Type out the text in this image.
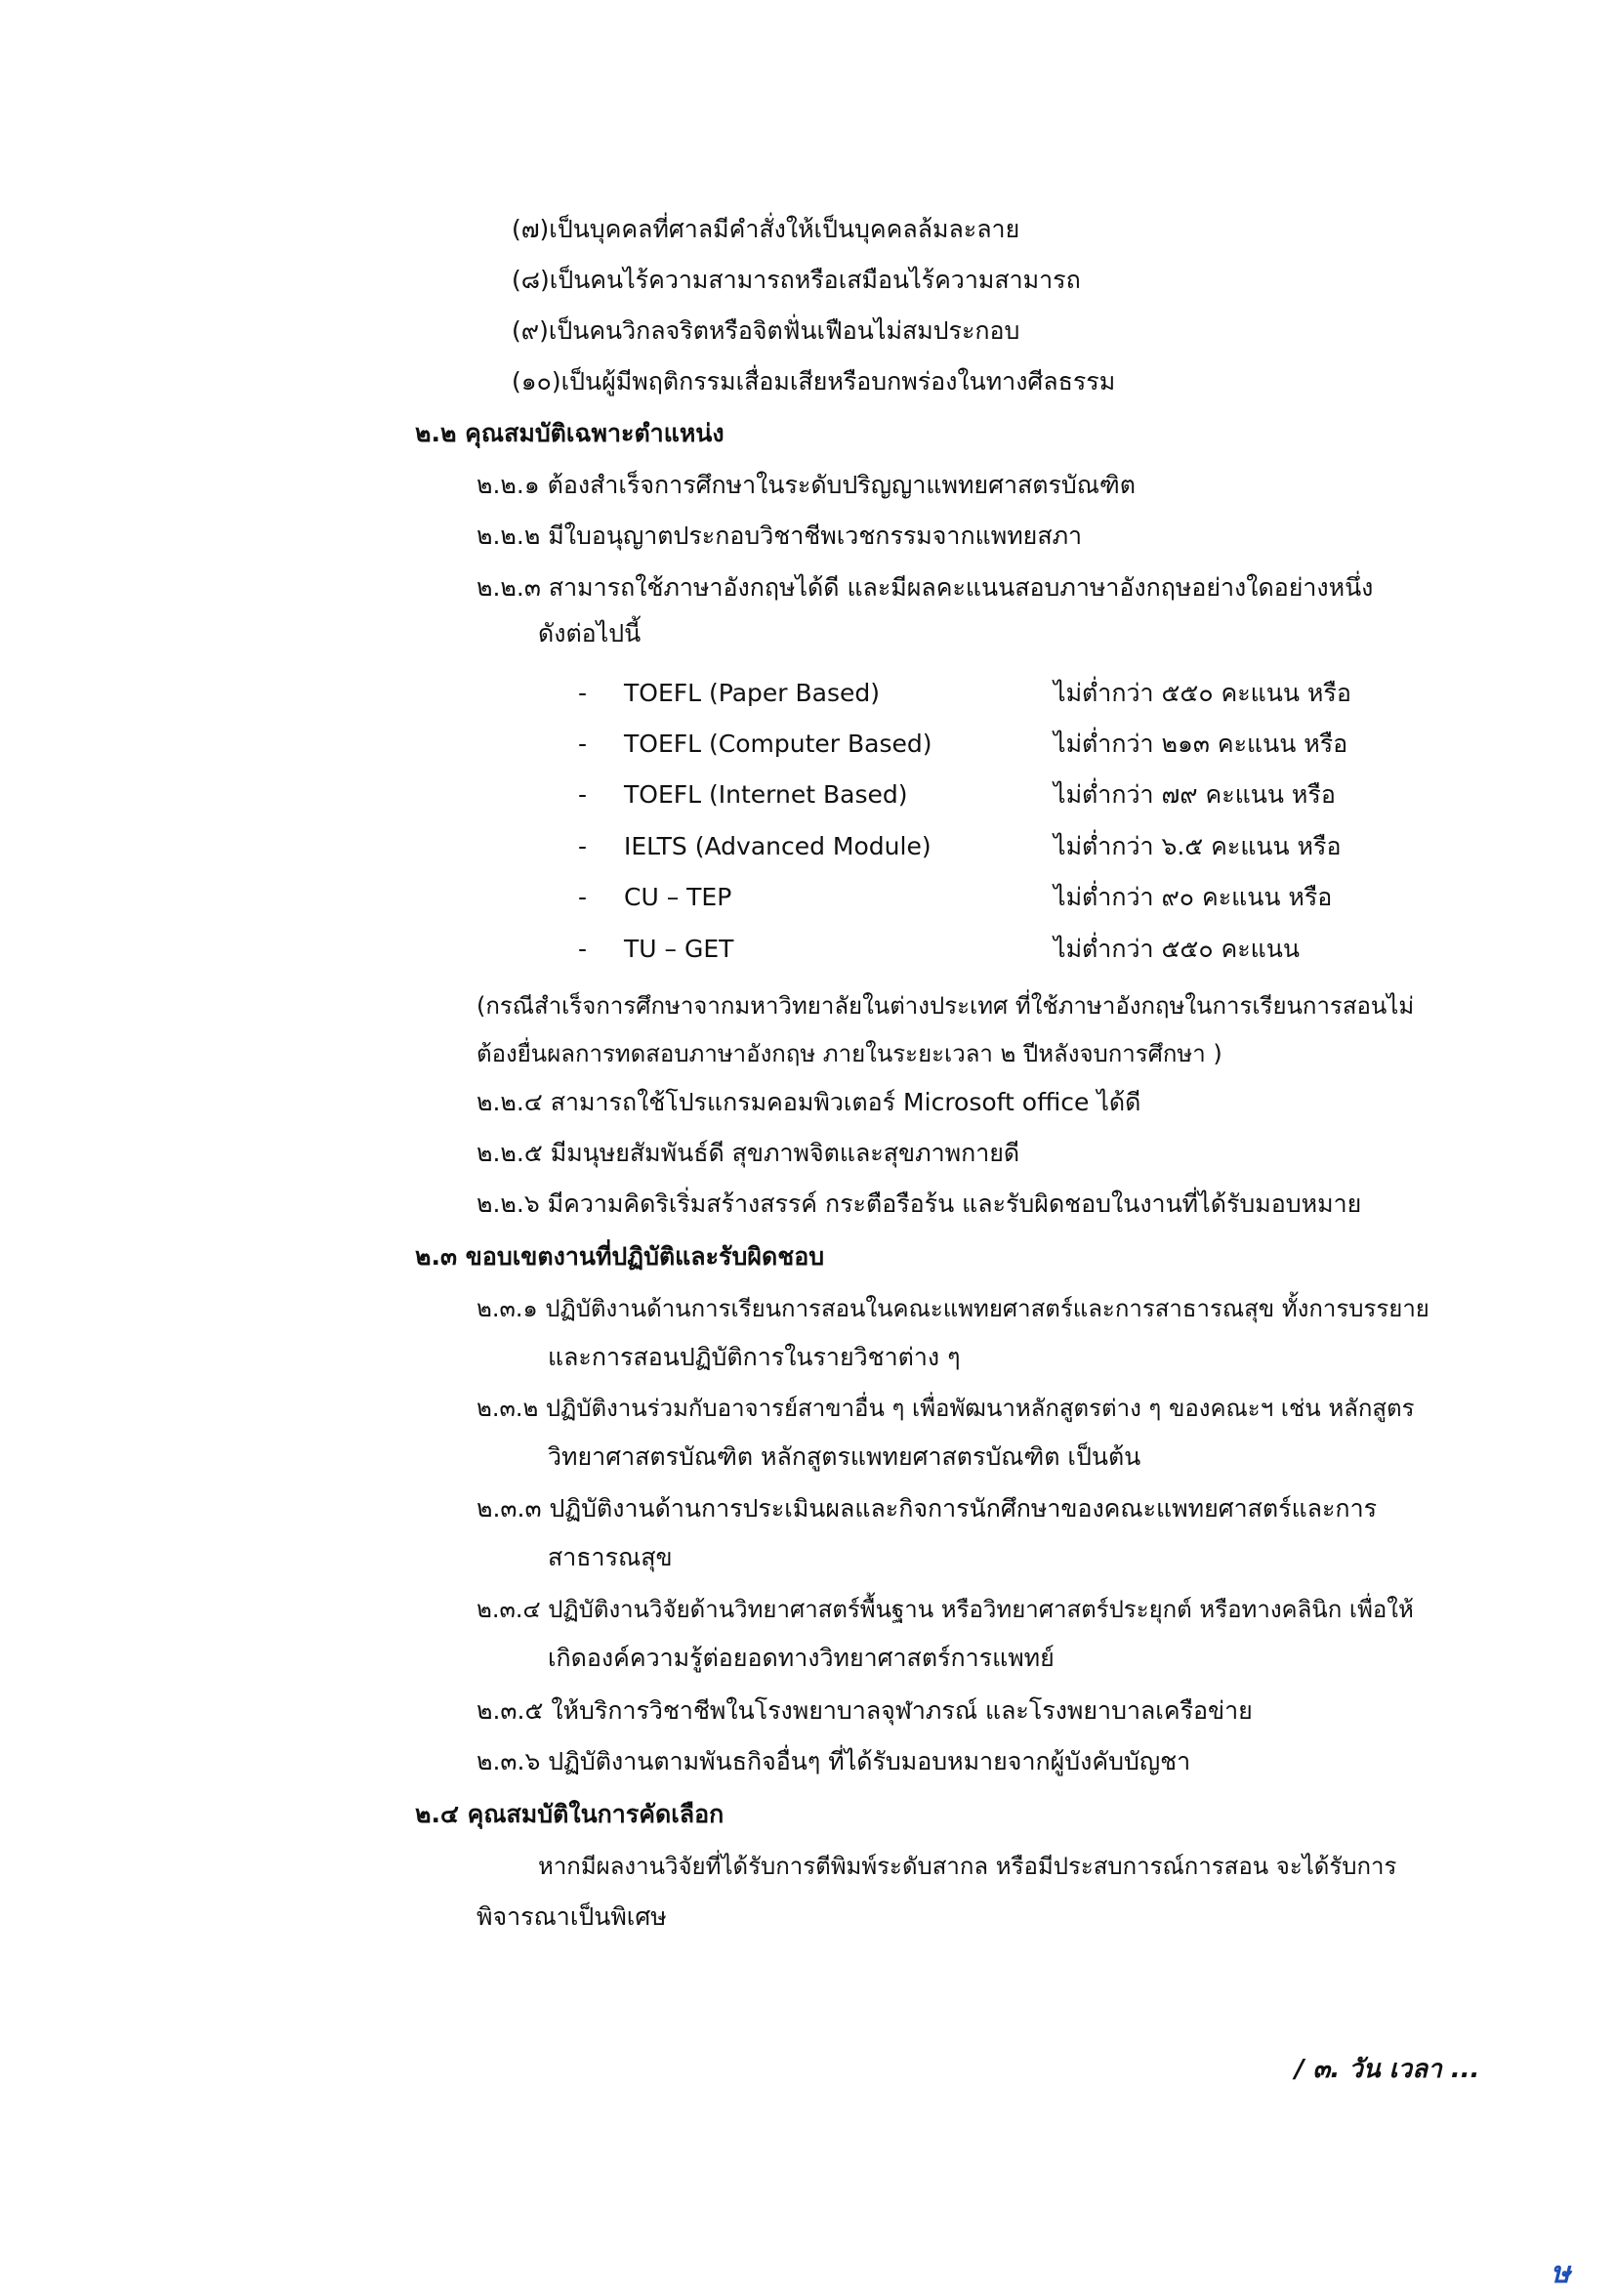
(๗)เป็นบุคคลที่ศาลมีคำสั่งให้เป็นบุคคลล้มละลาย
(๘)เป็นคนไร้ความสามารถหรือเสมือนไร้ความสามารถ
(๙)เป็นคนวิกลจริตหรือจิตฟั่นเฟือนไม่สมประกอบ
(๑๐)เป็นผู้มีพฤติกรรมเสื่อมเสียหรือบกพร่องในทางศีลธรรม
๒.๒ คุณสมบัติเฉพาะตำแหน่ง
๒.๒.๑ ต้องสำเร็จการศึกษาในระดับปริญญาแพทยศาสตรบัณฑิต
๒.๒.๒ มีใบอนุญาตประกอบวิชาชีพเวชกรรมจากแพทยสภา
๒.๒.๓ สามารถใช้ภาษาอังกฤษได้ดี และมีผลคะแนนสอบภาษาอังกฤษอย่างใดอย่างหนึ่ง
ดังต่อไปนี้
- TOEFL (Paper Based)	ไม่ต่ำกว่า ๕๕๐ คะแนน หรือ
- TOEFL (Computer Based)	ไม่ต่ำกว่า ๒๑๓ คะแนน หรือ
- TOEFL (Internet Based)	ไม่ต่ำกว่า ๗๙ คะแนน หรือ
- IELTS (Advanced Module)	ไม่ต่ำกว่า ๖.๕ คะแนน หรือ
- CU – TEP	ไม่ต่ำกว่า ๙๐ คะแนน หรือ
- TU – GET	ไม่ต่ำกว่า ๕๕๐ คะแนน
(กรณีสำเร็จการศึกษาจากมหาวิทยาลัยในต่างประเทศ ที่ใช้ภาษาอังกฤษในการเรียนการสอนไม่
ต้องยื่นผลการทดสอบภาษาอังกฤษ ภายในระยะเวลา ๒ ปีหลังจบการศึกษา )
๒.๒.๔ สามารถใช้โปรแกรมคอมพิวเตอร์ Microsoft office ได้ดี
๒.๒.๕ มีมนุษยสัมพันธ์ดี สุขภาพจิตและสุขภาพกายดี
๒.๒.๖ มีความคิดริเริ่มสร้างสรรค์ กระตือรือร้น และรับผิดชอบในงานที่ได้รับมอบหมาย
๒.๓ ขอบเขตงานที่ปฏิบัติและรับผิดชอบ
๒.๓.๑ ปฏิบัติงานด้านการเรียนการสอนในคณะแพทยศาสตร์และการสาธารณสุข ทั้งการบรรยาย
และการสอนปฏิบัติการในรายวิชาต่าง ๆ
๒.๓.๒ ปฏิบัติงานร่วมกับอาจารย์สาขาอื่น ๆ เพื่อพัฒนาหลักสูตรต่าง ๆ ของคณะฯ เช่น หลักสูตร
วิทยาศาสตรบัณฑิต หลักสูตรแพทยศาสตรบัณฑิต เป็นต้น
๒.๓.๓ ปฏิบัติงานด้านการประเมินผลและกิจการนักศึกษาของคณะแพทยศาสตร์และการ
สาธารณสุข
๒.๓.๔ ปฏิบัติงานวิจัยด้านวิทยาศาสตร์พื้นฐาน หรือวิทยาศาสตร์ประยุกต์ หรือทางคลินิก เพื่อให้
เกิดองค์ความรู้ต่อยอดทางวิทยาศาสตร์การแพทย์
๒.๓.๕ ให้บริการวิชาชีพในโรงพยาบาลจุฬาภรณ์ และโรงพยาบาลเครือข่าย
๒.๓.๖ ปฏิบัติงานตามพันธกิจอื่นๆ ที่ได้รับมอบหมายจากผู้บังคับบัญชา
๒.๔ คุณสมบัติในการคัดเลือก
หากมีผลงานวิจัยที่ได้รับการตีพิมพ์ระดับสากล หรือมีประสบการณ์การสอน จะได้รับการ
พิจารณาเป็นพิเศษ
/ ๓. วัน เวลา ...
ษ
